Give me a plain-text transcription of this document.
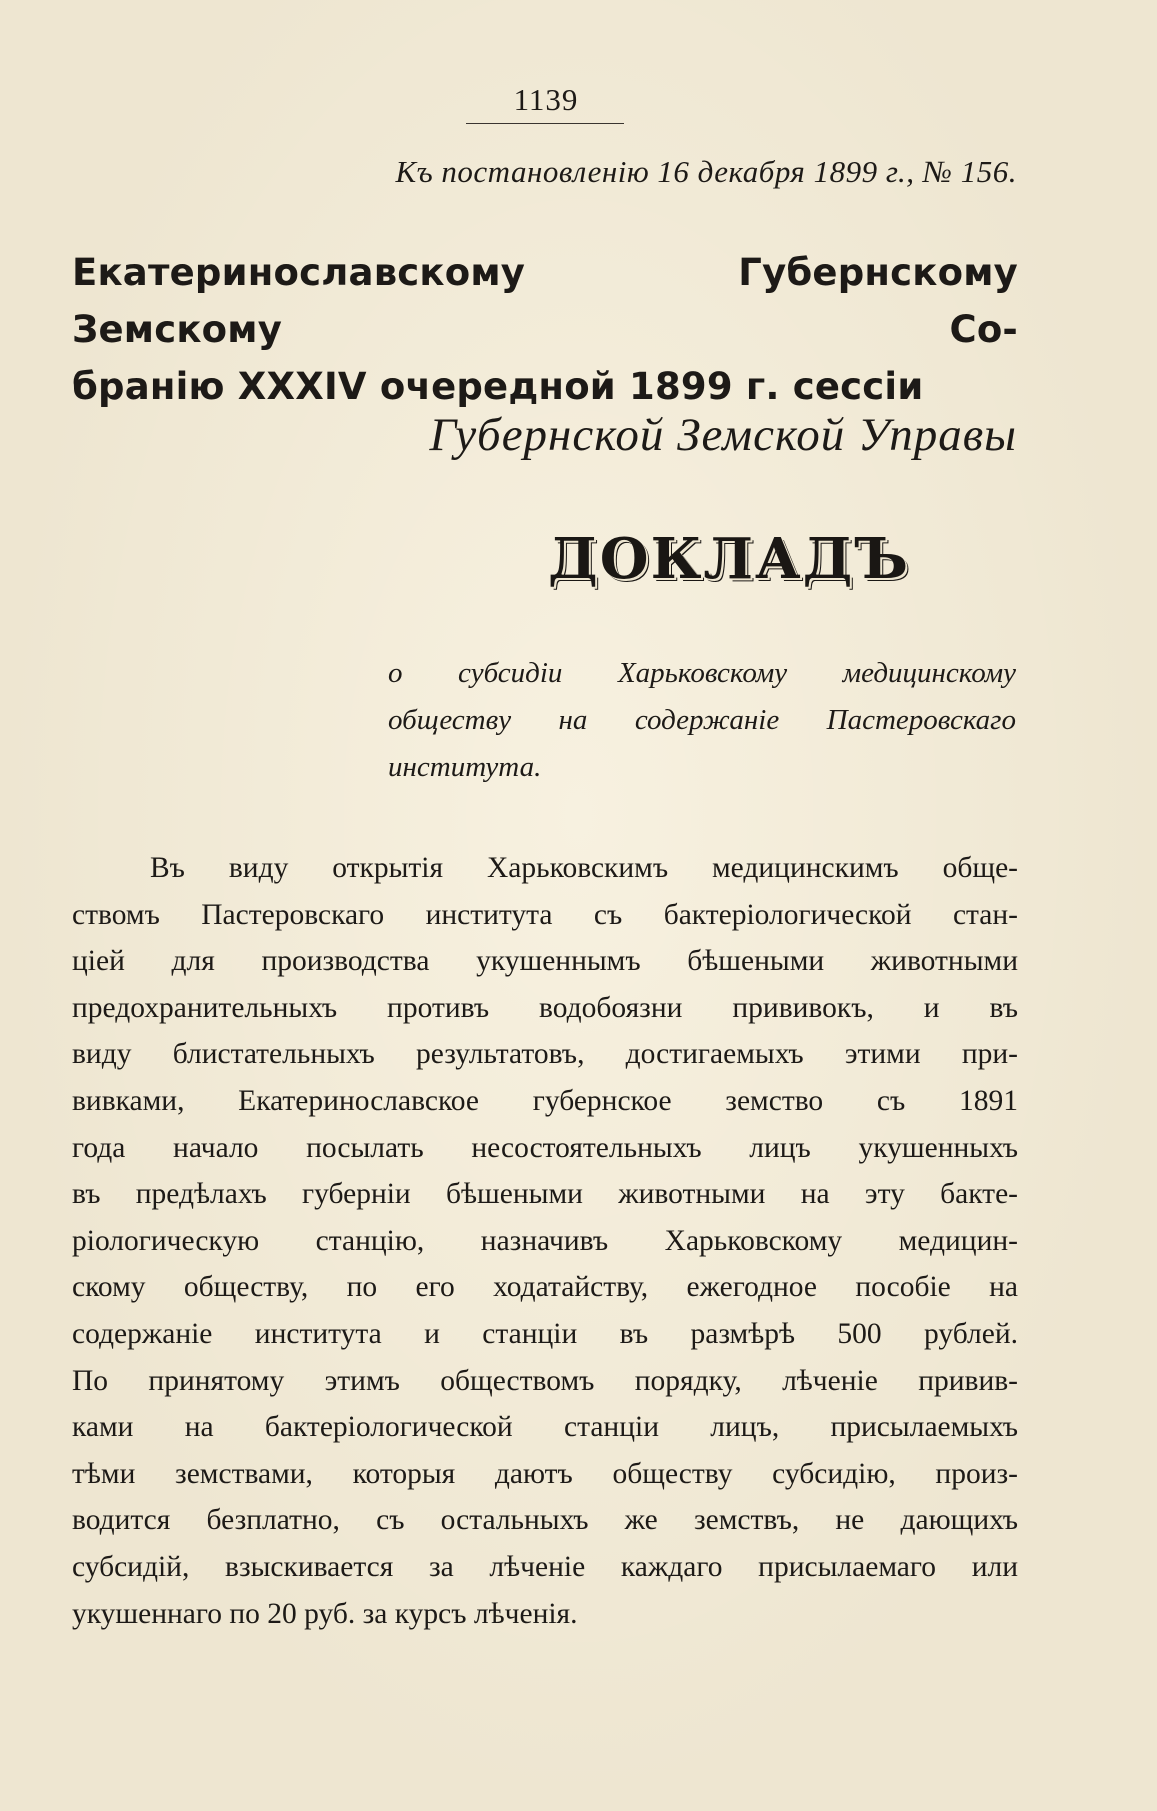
1139
Къ постановленію 16 декабря 1899 г., № 156.
Екатеринославскому Губернскому Земскому Со-
бранію XXXIV очередной 1899 г. сессіи
Губернской Земской Управы
ДОКЛАДЪ
о субсидіи Харьковскому медицинскому
обществу на содержаніе Пастеровскаго
института.
Въ виду открытія Харьковскимъ медицинскимъ обще-
ствомъ Пастеровскаго института съ бактеріологической стан-
ціей для производства укушеннымъ бѣшеными животными
предохранительныхъ противъ водобоязни прививокъ, и въ
виду блистательныхъ результатовъ, достигаемыхъ этими при-
вивками, Екатеринославское губернское земство съ 1891
года начало посылать несостоятельныхъ лицъ укушенныхъ
въ предѣлахъ губерніи бѣшеными животными на эту бакте-
ріологическую станцію, назначивъ Харьковскому медицин-
скому обществу, по его ходатайству, ежегодное пособіе на
содержаніе института и станціи въ размѣрѣ 500 рублей.
По принятому этимъ обществомъ порядку, лѣченіе привив-
ками на бактеріологической станціи лицъ, присылаемыхъ
тѣми земствами, которыя даютъ обществу субсидію, произ-
водится безплатно, съ остальныхъ же земствъ, не дающихъ
субсидій, взыскивается за лѣченіе каждаго присылаемаго или
укушеннаго по 20 руб. за курсъ лѣченія.
